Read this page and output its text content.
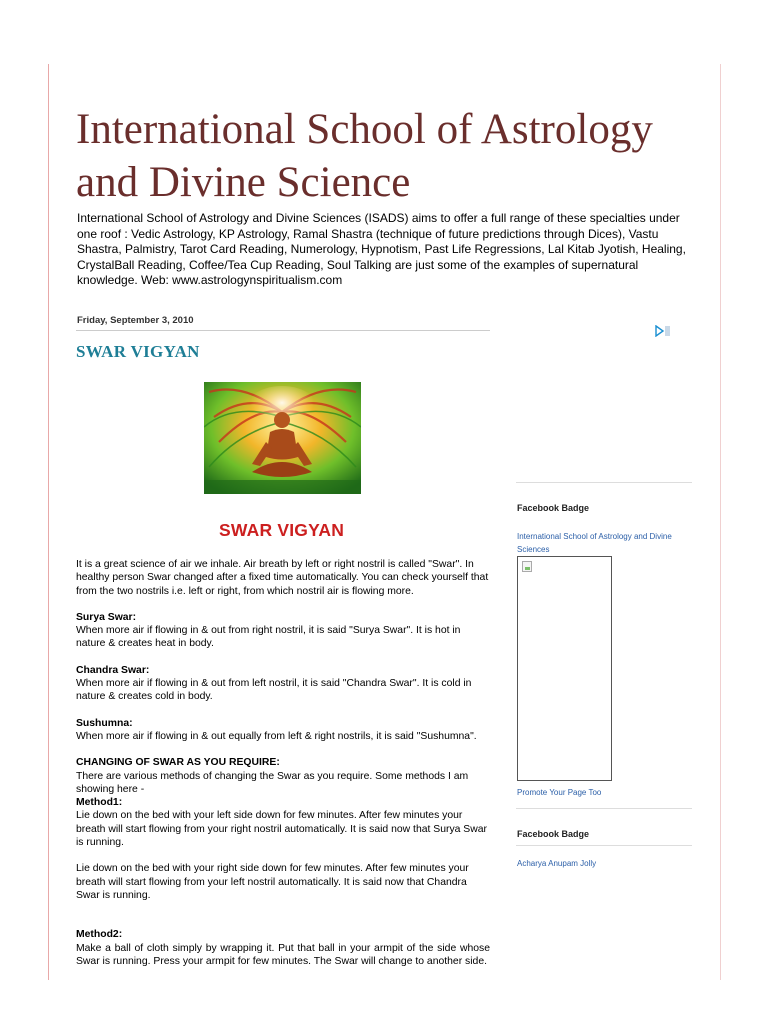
International School of Astrology and Divine Science

International School of Astrology and Divine Sciences (ISADS) aims to offer a full range of these specialties under one roof : Vedic Astrology, KP Astrology, Ramal Shastra (technique of future predictions through Dices), Vastu Shastra, Palmistry, Tarot Card Reading, Numerology, Hypnotism, Past Life Regressions, Lal Kitab Jyotish, Healing, CrystalBall Reading, Coffee/Tea Cup Reading, Soul Talking are just some of the examples of supernatural knowledge. Web: www.astrologynspiritualism.com

Friday, September 3, 2010
SWAR VIGYAN
SWAR VIGYAN

It is a great science of air we inhale. Air breath by left or right nostril is called "Swar". In healthy person Swar changed after a fixed time automatically. You can check yourself that from the two nostrils i.e. left or right, from which nostril air is flowing more.

Surya Swar:

When more air if flowing in & out from right nostril, it is said "Surya Swar". It is hot in nature & creates heat in body.

Chandra Swar:

When more air if flowing in & out from left nostril, it is said "Chandra Swar". It is cold in nature & creates cold in body.

Sushumna:

When more air if flowing in & out equally from left & right nostrils, it is said "Sushumna".

CHANGING OF SWAR AS YOU REQUIRE:

There are various methods of changing the Swar as you require. Some methods I am showing here -

Method1:

Lie down on the bed with your left side down for few minutes. After few minutes your breath will start flowing from your right nostril automatically. It is said now that Surya Swar is running.

Lie down on the bed with your right side down for few minutes. After few minutes your breath will start flowing from your left nostril automatically. It is said now that Chandra Swar is running.

Method2:

Make a ball of cloth simply by wrapping it. Put that ball in your armpit of the side whose Swar is running. Press your armpit for few minutes. The Swar will change to another side.

Facebook Badge
International School of Astrology and Divine Sciences
Promote Your Page Too
Facebook Badge
Acharya Anupam Jolly
